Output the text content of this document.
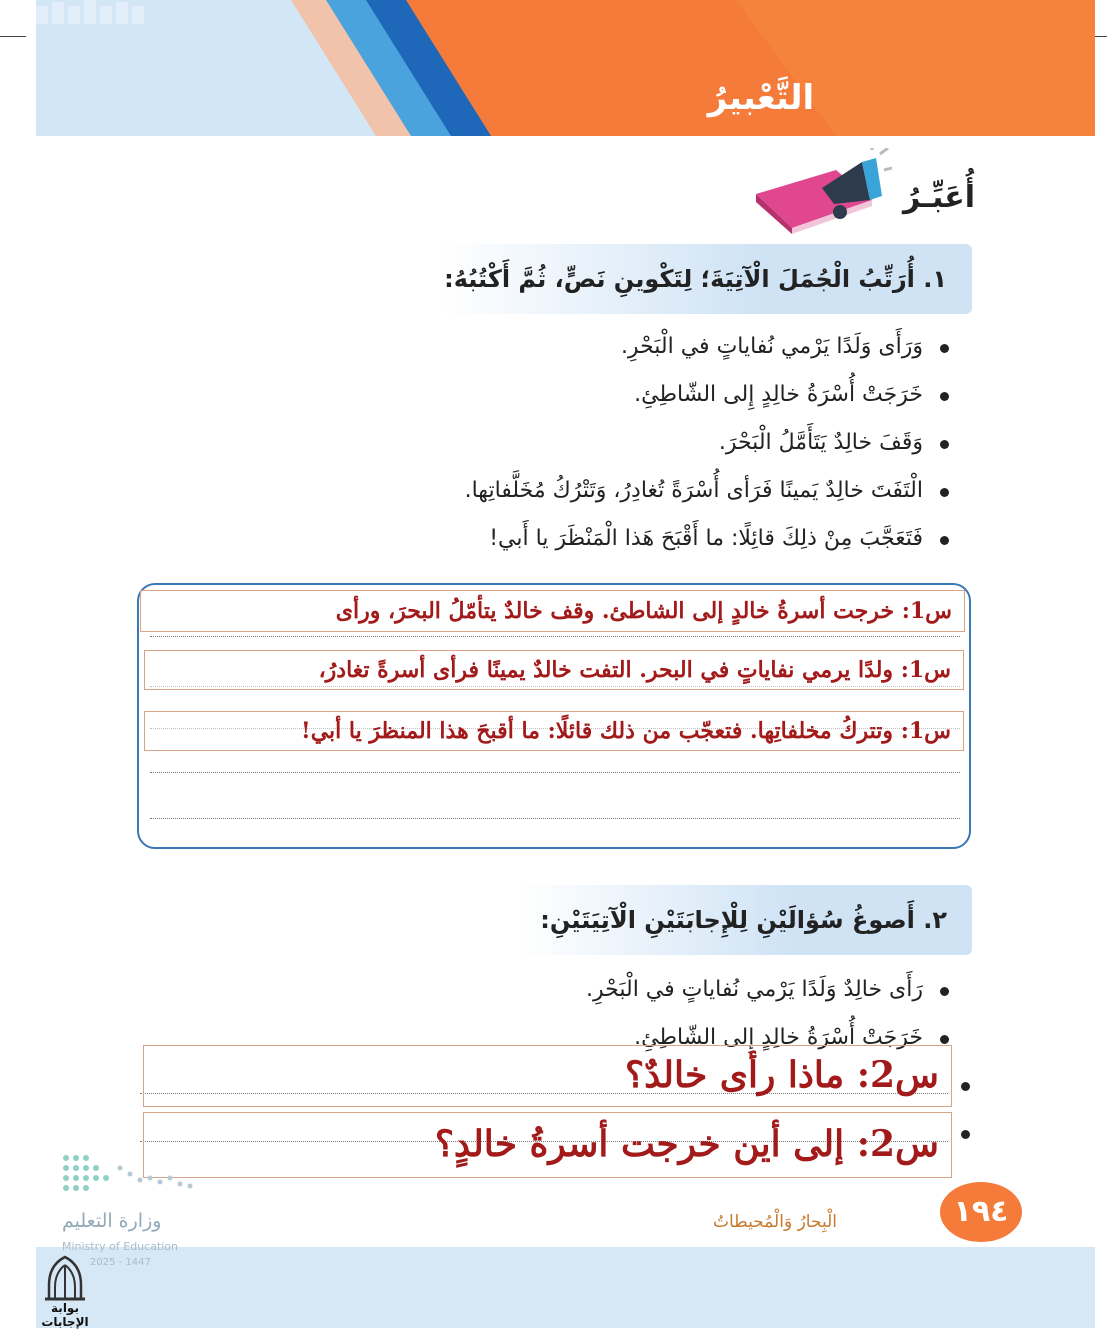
التَّعْبيرُ
أُعَبِّـرُ
١. أُرَتِّبُ الْجُمَلَ الْآتِيَةَ؛ لِتَكْوينِ نَصٍّ، ثُمَّ أَكْتُبُهُ:
وَرَأَى وَلَدًا يَرْمي نُفاياتٍ في الْبَحْرِ.
خَرَجَتْ أُسْرَةُ خالِدٍ إِلى الشّاطِئِ.
وَقَفَ خالِدٌ يَتَأَمَّلُ الْبَحْرَ.
الْتَفَتَ خالِدٌ يَمينًا فَرَأى أُسْرَةً تُغادِرُ، وَتَتْرُكُ مُخَلَّفاتِها.
فَتَعَجَّبَ مِنْ ذلِكَ قائِلًا: ما أَقْبَحَ هَذا الْمَنْظَرَ يا أَبي!
س1: خرجت أسرةُ خالدٍ إلى الشاطئ. وقف خالدٌ يتأمّلُ البحرَ، ورأى
س1: ولدًا يرمي نفاياتٍ في البحر. التفت خالدٌ يمينًا فرأى أسرةً تغادرُ،
س1: وتتركُ مخلفاتِها. فتعجّب من ذلك قائلًا: ما أقبحَ هذا المنظرَ يا أبي!
٢. أَصوغُ سُؤالَيْنِ لِلْإِجابَتَيْنِ الْآتِيَتَيْنِ:
رَأَى خالِدٌ وَلَدًا يَرْمي نُفاياتٍ في الْبَحْرِ.
خَرَجَتْ أُسْرَةُ خالِدٍ إِلى الشّاطِئِ.
س2: ماذا رأى خالدٌ؟
س2: إلى أين خرجت أسرةُ خالدٍ؟
١٩٤
الْبِحارُ وَالْمُحيطاتُ
وزارة التعليم
Ministry of Education
2025 - 1447
بوابة الإجابات
